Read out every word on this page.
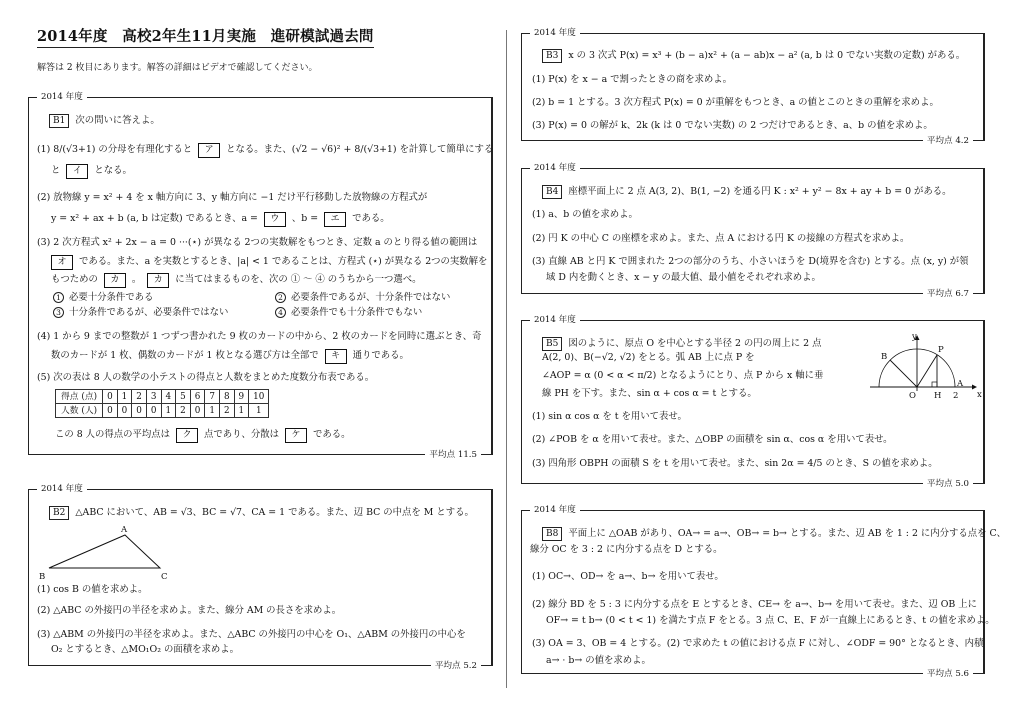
2014年度　高校2年生11月実施　進研模試過去問
解答は 2 枚目にあります。解答の詳細はビデオで確認してください。
2014 年度
B1 次の問いに答えよ。
(1) 8/(√3+1) の分母を有理化すると ア となる。また、(√2 − √6)² + 8/(√3+1) を計算して簡単にする
と イ となる。
(2) 放物線 y = x² + 4 を x 軸方向に 3、y 軸方向に −1 だけ平行移動した放物線の方程式が
y = x² + ax + b (a, b は定数) であるとき、a = ウ 、b = エ である。
(3) 2 次方程式 x² + 2x − a = 0 ···(⋆) が異なる 2つの実数解をもつとき、定数 a のとり得る値の範囲は
オ である。また、a を実数とするとき、|a| < 1 であることは、方程式 (⋆) が異なる 2つの実数解を
もつための カ 。 カ に当てはまるものを、次の ① 〜 ④ のうちから一つ選べ。
1 必要十分条件である	2 必要条件であるが、十分条件ではない
3 十分条件であるが、必要条件ではない	4 必要条件でも十分条件でもない
(4) 1 から 9 までの整数が 1 つずつ書かれた 9 枚のカードの中から、2 枚のカードを同時に選ぶとき、奇
数のカードが 1 枚、偶数のカードが 1 枚となる選び方は全部で キ 通りである。
(5) 次の表は 8 人の数学の小テストの得点と人数をまとめた度数分布表である。
得点 (点)	0	1	2	3	4	5	6	7	8	9	10
人数 (人)	0	0	0	0	1	2	0	1	2	1	1
この 8 人の得点の平均点は ク 点であり、分散は ケ である。
平均点 11.5
2014 年度
B2 △ABC において、AB = √3、BC = √7、CA = 1 である。また、辺 BC の中点を M とする。
A
B	C
(1) cos B の値を求めよ。
(2) △ABC の外接円の半径を求めよ。また、線分 AM の長さを求めよ。
(3) △ABM の外接円の半径を求めよ。また、△ABC の外接円の中心を O₁、△ABM の外接円の中心を
O₂ とするとき、△MO₁O₂ の面積を求めよ。
平均点 5.2
2014 年度
B3 x の 3 次式 P(x) = x³ + (b − a)x² + (a − ab)x − a² (a, b は 0 でない実数の定数) がある。
(1) P(x) を x − a で割ったときの商を求めよ。
(2) b = 1 とする。3 次方程式 P(x) = 0 が重解をもつとき、a の値とこのときの重解を求めよ。
(3) P(x) = 0 の解が k、2k (k は 0 でない実数) の 2 つだけであるとき、a、b の値を求めよ。
平均点 4.2
2014 年度
B4 座標平面上に 2 点 A(3, 2)、B(1, −2) を通る円 K : x² + y² − 8x + ay + b = 0 がある。
(1) a、b の値を求めよ。
(2) 円 K の中心 C の座標を求めよ。また、点 A における円 K の接線の方程式を求めよ。
(3) 直線 AB と円 K で囲まれた 2つの部分のうち、小さいほうを D(境界を含む) とする。点 (x, y) が領
域 D 内を動くとき、x − y の最大値、最小値をそれぞれ求めよ。
平均点 6.7
2014 年度
B5 図のように、原点 O を中心とする半径 2 の円の周上に 2 点
A(2, 0)、B(−√2, √2) をとる。弧 AB 上に点 P を
∠AOP = α (0 < α < π/2) となるようにとり、点 P から x 軸に垂
線 PH を下す。また、sin α + cos α = t とする。
y
x
O H 2
A
B
P
(1) sin α cos α を t を用いて表せ。
(2) ∠POB を α を用いて表せ。また、△OBP の面積を sin α、cos α を用いて表せ。
(3) 四角形 OBPH の面積 S を t を用いて表せ。また、sin 2α = 4/5 のとき、S の値を求めよ。
平均点 5.0
2014 年度
B8 平面上に △OAB があり、OA→ = a→、OB→ = b→ とする。また、辺 AB を 1 : 2 に内分する点を C、
線分 OC を 3 : 2 に内分する点を D とする。
(1) OC→、OD→ を a→、b→ を用いて表せ。
(2) 線分 BD を 5 : 3 に内分する点を E とするとき、CE→ を a→、b→ を用いて表せ。また、辺 OB 上に
OF→ = t b→ (0 < t < 1) を満たす点 F をとる。3 点 C、E、F が一直線上にあるとき、t の値を求めよ。
(3) OA = 3、OB = 4 とする。(2) で求めた t の値における点 F に対し、∠ODF = 90° となるとき、内積
a→ · b→ の値を求めよ。
平均点 5.6
